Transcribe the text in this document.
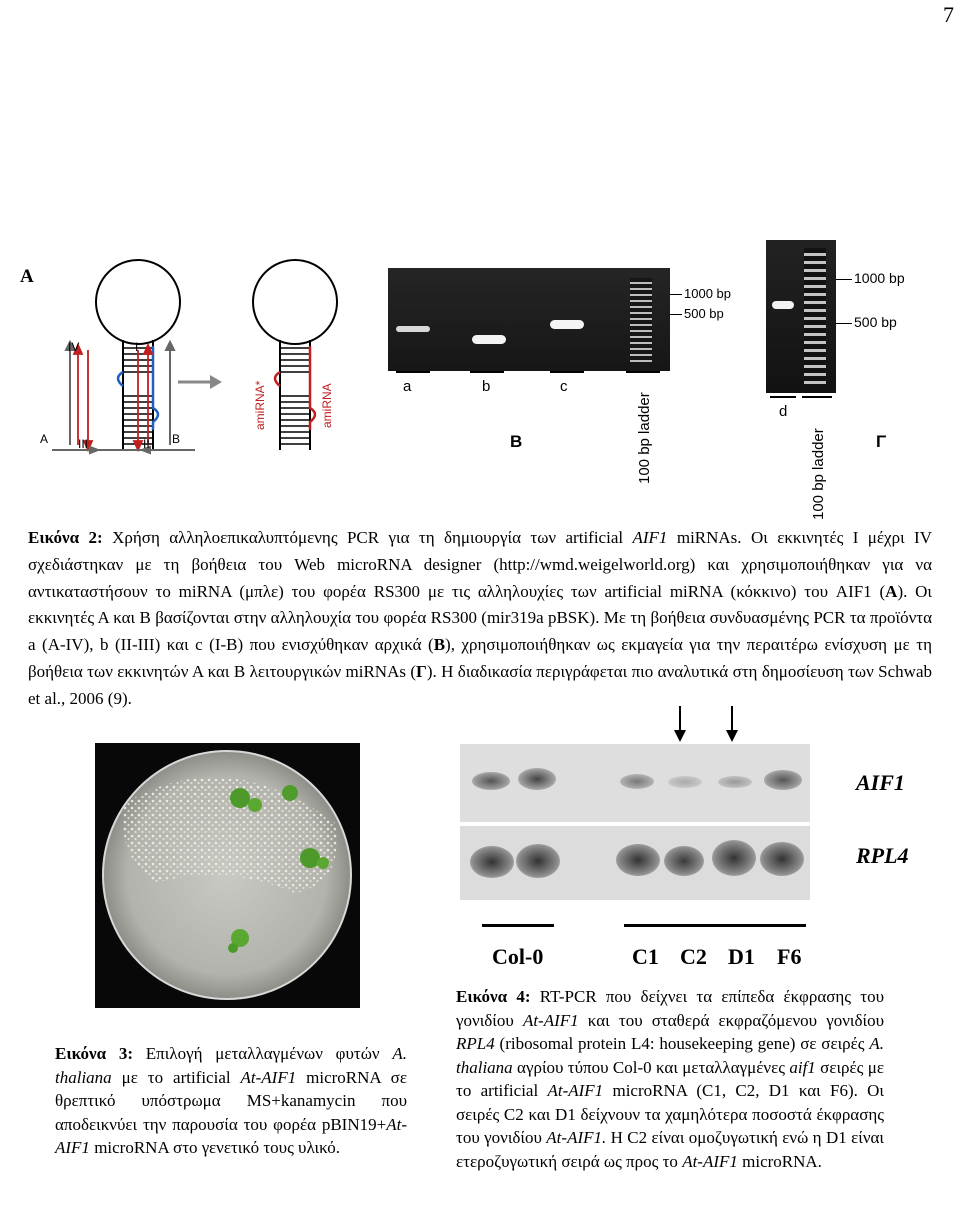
7
A
IV	I
III	II
A	B
amiRNA*	amiRNA	a	b	c
100 bp ladder
1000 bp
500 bp
B
d
100 bp ladder
1000 bp
500 bp
Γ
Εικόνα 2: Χρήση αλληλοεπικαλυπτόμενης PCR για τη δημιουργία των artificial AIF1 miRNAs. Οι εκκινητές Ι μέχρι IV σχεδιάστηκαν με τη βοήθεια του Web microRNA designer (http://wmd.weigelworld.org) και χρησιμοποιήθηκαν για να αντικαταστήσουν το miRNA (μπλε) του φορέα RS300 με τις αλληλουχίες των artificial miRNA (κόκκινο) του AIF1 (A). Οι εκκινητές Α και Β βασίζονται στην αλληλουχία του φορέα RS300 (mir319a pBSK). Με τη βοήθεια συνδυασμένης PCR τα προϊόντα a (A-IV), b (II-III) και c (I-B) που ενισχύθηκαν αρχικά (B), χρησιμοποιήθηκαν ως εκμαγεία για την περαιτέρω ενίσχυση με τη βοήθεια των εκκινητών Α και Β λειτουργικών miRNAs (Γ). Η διαδικασία περιγράφεται πιο αναλυτικά στη δημοσίευση των Schwab et al., 2006 (9).
Εικόνα 3: Επιλογή μεταλλαγμένων φυτών A. thaliana με το artificial At-AIF1 microRNA σε θρεπτικό υπόστρωμα MS+kanamycin που αποδεικνύει την παρουσία του φορέα pBIN19+At-AIF1 microRNA στο γενετικό τους υλικό.
AIF1
RPL4
Col-0	C1 C2 D1 F6
Εικόνα 4: RT-PCR που δείχνει τα επίπεδα έκφρασης του γονιδίου At-AIF1 και του σταθερά εκφραζόμενου γονιδίου RPL4 (ribosomal protein L4: housekeeping gene) σε σειρές A. thaliana αγρίου τύπου Col-0 και μεταλλαγμένες aif1 σειρές με το artificial At-AIF1 microRNA (C1, C2, D1 και F6). Οι σειρές C2 και D1 δείχνουν τα χαμηλότερα ποσοστά έκφρασης του γονιδίου At-AIF1. Η C2 είναι ομοζυγωτική ενώ η D1 είναι ετεροζυγωτική σειρά ως προς το At-AIF1 microRNA.
